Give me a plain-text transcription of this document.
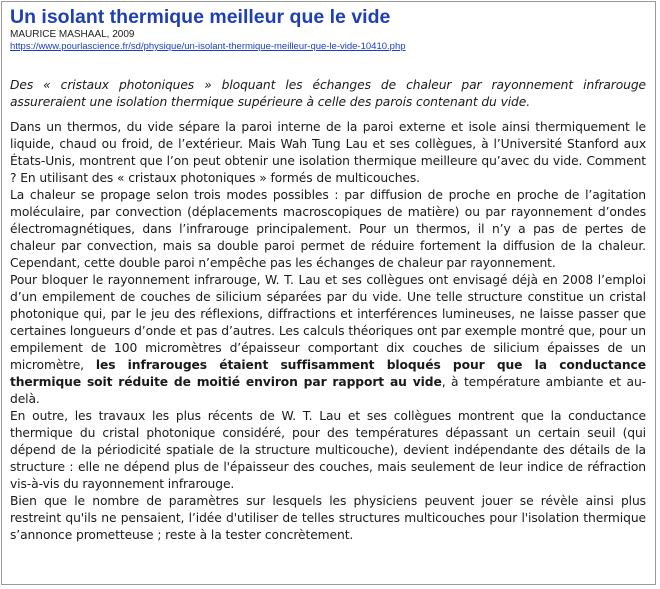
Un isolant thermique meilleur que le vide
MAURICE MASHAAL, 2009
https://www.pourlascience.fr/sd/physique/un-isolant-thermique-meilleur-que-le-vide-10410.php
Des « cristaux photoniques » bloquant les échanges de chaleur par rayonnement infrarouge assureraient une isolation thermique supérieure à celle des parois contenant du vide.

Dans un thermos, du vide sépare la paroi interne de la paroi externe et isole ainsi thermiquement le liquide, chaud ou froid, de l’extérieur. Mais Wah Tung Lau et ses collègues, à l’Université Stanford aux États-Unis, montrent que l’on peut obtenir une isolation thermique meilleure qu’avec du vide. Comment ? En utilisant des « cristaux photoniques » formés de multicouches.

La chaleur se propage selon trois modes possibles : par diffusion de proche en proche de l’agitation moléculaire, par convection (déplacements macroscopiques de matière) ou par rayonnement d’ondes électromagnétiques, dans l’infrarouge principalement. Pour un thermos, il n’y a pas de pertes de chaleur par convection, mais sa double paroi permet de réduire fortement la diffusion de la chaleur. Cependant, cette double paroi n’empêche pas les échanges de chaleur par rayonnement.

Pour bloquer le rayonnement infrarouge, W. T. Lau et ses collègues ont envisagé déjà en 2008 l’emploi d’un empilement de couches de silicium séparées par du vide. Une telle structure constitue un cristal photonique qui, par le jeu des réflexions, diffractions et interférences lumineuses, ne laisse passer que certaines longueurs d’onde et pas d’autres. Les calculs théoriques ont par exemple montré que, pour un empilement de 100 micromètres d’épaisseur comportant dix couches de silicium épaisses de un micromètre, les infrarouges étaient suffisamment bloqués pour que la conductance thermique soit réduite de moitié environ par rapport au vide, à température ambiante et au-delà.

En outre, les travaux les plus récents de W. T. Lau et ses collègues montrent que la conductance thermique du cristal photonique considéré, pour des températures dépassant un certain seuil (qui dépend de la périodicité spatiale de la structure multicouche), devient indépendante des détails de la structure : elle ne dépend plus de l'épaisseur des couches, mais seulement de leur indice de réfraction vis-à-vis du rayonnement infrarouge.

Bien que le nombre de paramètres sur lesquels les physiciens peuvent jouer se révèle ainsi plus restreint qu'ils ne pensaient, l’idée d'utiliser de telles structures multicouches pour l'isolation thermique s’annonce prometteuse ; reste à la tester concrètement.
